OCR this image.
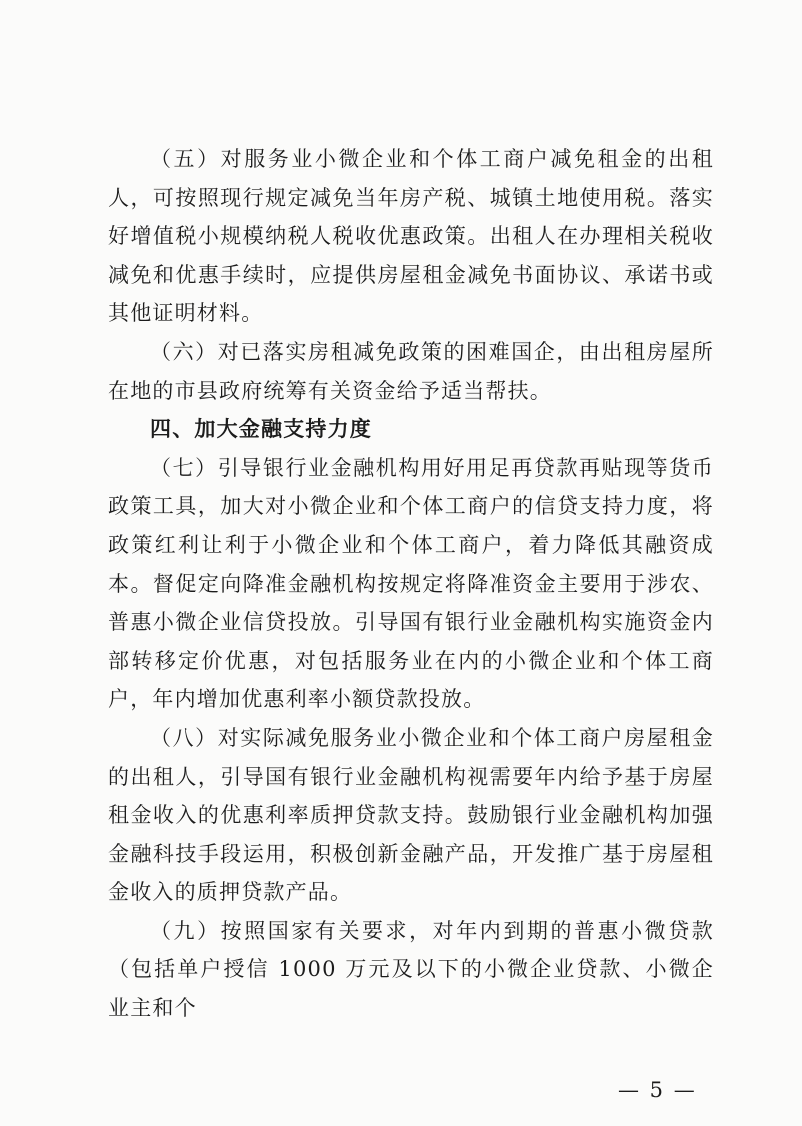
（五）对服务业小微企业和个体工商户减免租金的出租人，可按照现行规定减免当年房产税、城镇土地使用税。落实好增值税小规模纳税人税收优惠政策。出租人在办理相关税收减免和优惠手续时，应提供房屋租金减免书面协议、承诺书或其他证明材料。

（六）对已落实房租减免政策的困难国企，由出租房屋所在地的市县政府统筹有关资金给予适当帮扶。

四、加大金融支持力度

（七）引导银行业金融机构用好用足再贷款再贴现等货币政策工具，加大对小微企业和个体工商户的信贷支持力度，将政策红利让利于小微企业和个体工商户，着力降低其融资成本。督促定向降准金融机构按规定将降准资金主要用于涉农、普惠小微企业信贷投放。引导国有银行业金融机构实施资金内部转移定价优惠，对包括服务业在内的小微企业和个体工商户，年内增加优惠利率小额贷款投放。

（八）对实际减免服务业小微企业和个体工商户房屋租金的出租人，引导国有银行业金融机构视需要年内给予基于房屋租金收入的优惠利率质押贷款支持。鼓励银行业金融机构加强金融科技手段运用，积极创新金融产品，开发推广基于房屋租金收入的质押贷款产品。

（九）按照国家有关要求，对年内到期的普惠小微贷款（包括单户授信 1000 万元及以下的小微企业贷款、小微企业主和个

— 5 —
